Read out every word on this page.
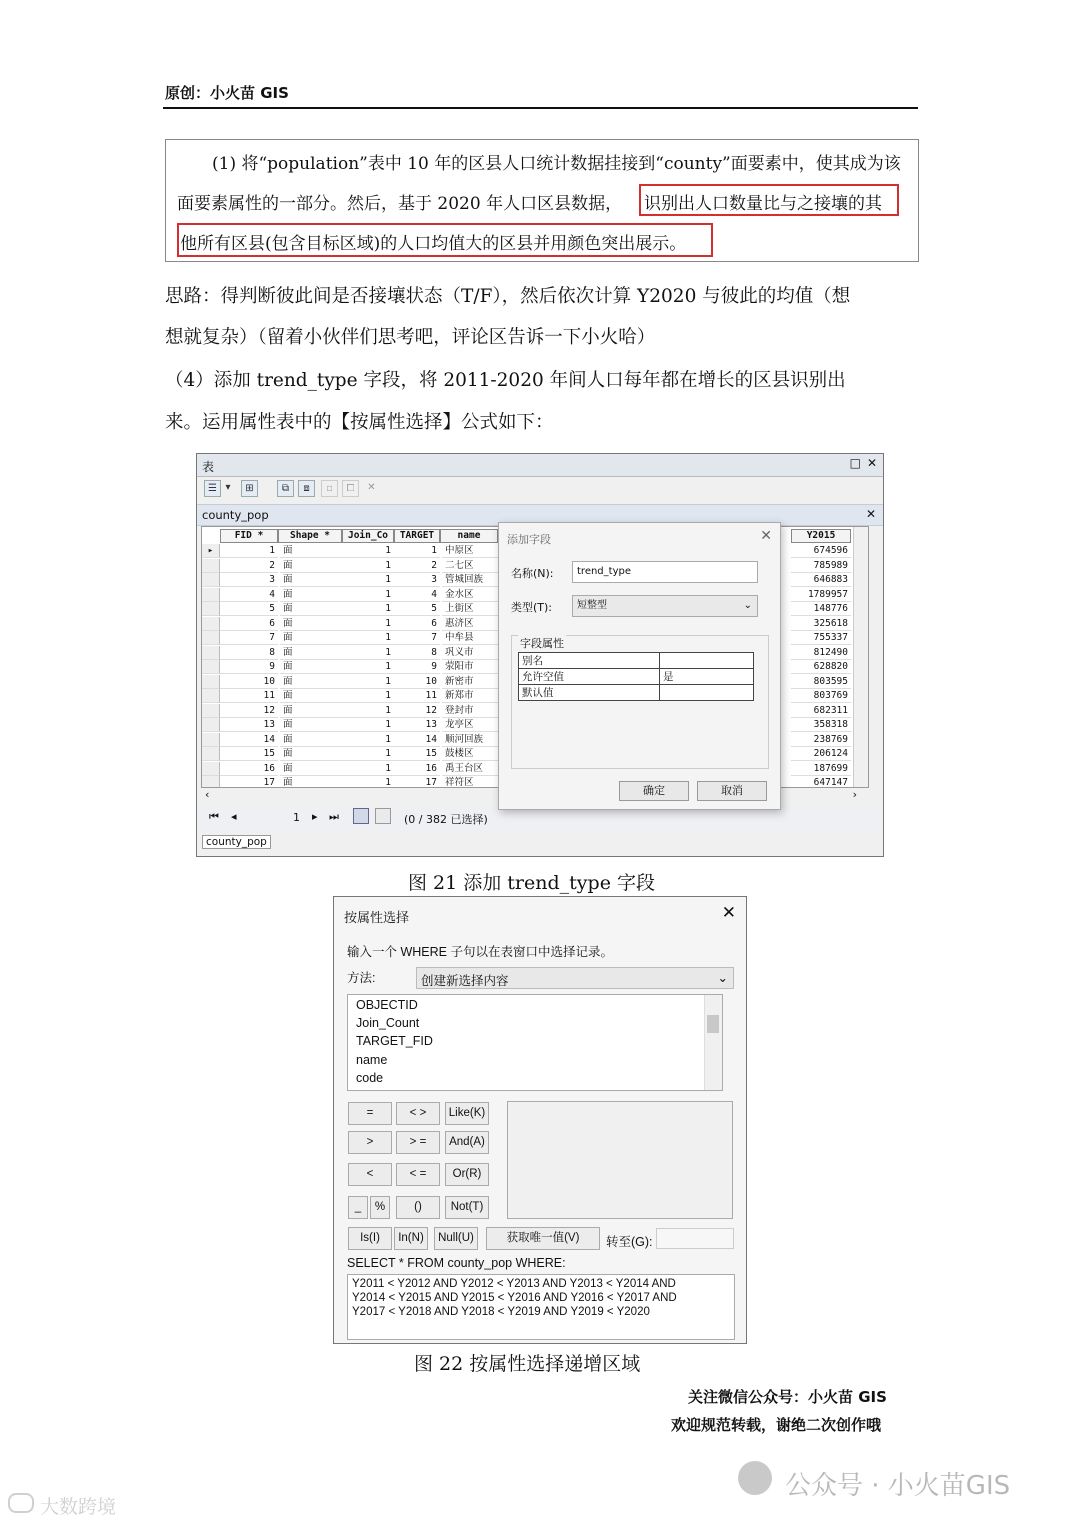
原创：小火苗 GIS
(1) 将“population”表中 10 年的区县人口统计数据挂接到“county”面要素中，使其成为该
面要素属性的一部分。然后，基于 2020 年人口区县数据， 识别出人口数量比与之接壤的其
他所有区县(包含目标区域)的人口均值大的区县并用颜色突出展示。
思路：得判断彼此间是否接壤状态（T/F），然后依次计算 Y2020 与彼此的均值（想
想就复杂）（留着小伙伴们思考吧，评论区告诉一下小火哈）
（4）添加 trend_type 字段，将 2011-2020 年间人口每年都在增长的区县识别出
来。运用属性表中的【按属性选择】公式如下：
表	□ ✕
☰ ▾	⊞	⧉	⧈	▫	⧠	✕
county_pop	✕
FID *	Shape *	Join_Co	TARGET	name	Y2015
▸	1 面	1	1 中原区	674596
2 面	1	2 二七区	785989
3 面	1	3 管城回族	646883
4 面	1	4 金水区	1789957
5 面	1	5 上街区	148776
6 面	1	6 惠济区	325618
7 面	1	7 中牟县	755337
8 面	1	8 巩义市	812490
9 面	1	9 荥阳市	628820
10 面	1	10 新密市	803595
11 面	1	11 新郑市	803769
12 面	1	12 登封市	682311
13 面	1	13 龙亭区	358318
14 面	1	14 顺河回族	238769
15 面	1	15 鼓楼区	206124
16 面	1	16 禹王台区	187699
17 面	1	17 祥符区	647147
‹	›
⏮ ◂	1 ▸ ⏭	(0 / 382 已选择)
county_pop
添加字段	✕
名称(N):	trend_type
类型(T):	短整型	⌄
字段属性
别名
允许空值	是
默认值
确定	取消
图 21 添加 trend_type 字段
按属性选择	✕
输入一个 WHERE 子句以在表窗口中选择记录。
方法:	创建新选择内容	⌄
OBJECTID
Join_Count
TARGET_FID
name
code
=	< >	Like(K)
>	> =	And(A)
<	< =	Or(R)
_	%	()	Not(T)
Is(I)	In(N)	Null(U)	获取唯一值(V)	转至(G):
SELECT * FROM county_pop WHERE:
Y2011 < Y2012 AND Y2012 < Y2013 AND Y2013 < Y2014 AND
Y2014 < Y2015 AND Y2015 < Y2016 AND Y2016 < Y2017 AND
Y2017 < Y2018 AND Y2018 < Y2019 AND Y2019 < Y2020
图 22 按属性选择递增区域
关注微信公众号：小火苗 GIS
欢迎规范转载，谢绝二次创作哦
公众号 · 小火苗GIS
大数跨境
